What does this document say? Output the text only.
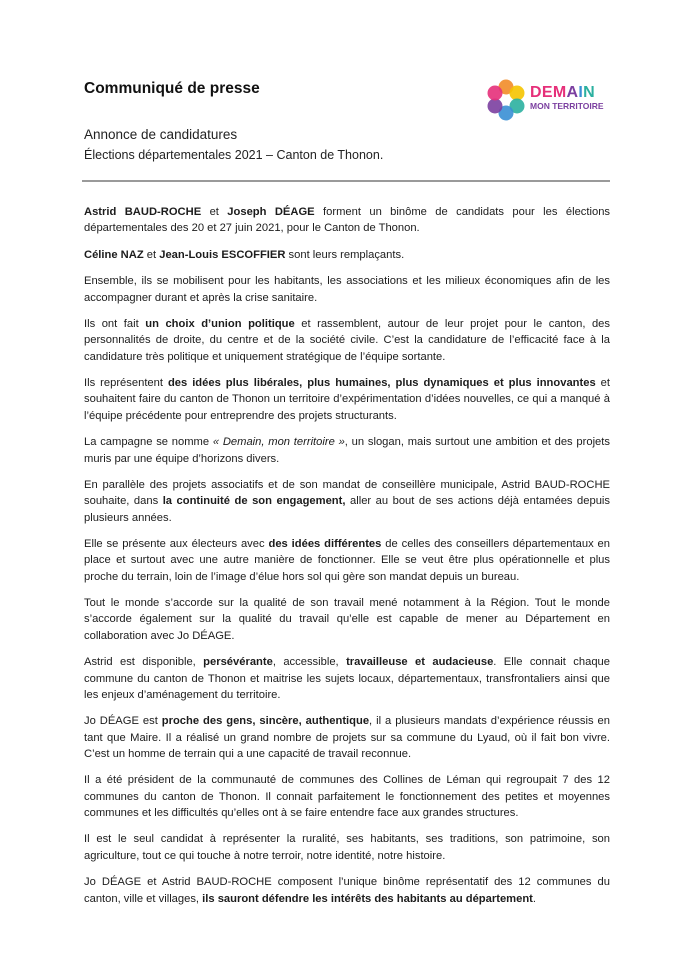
Communiqué de presse	DEMAIN
MON TERRITOIRE
Annonce de candidatures
Élections départementales 2021 – Canton de Thonon.

Astrid BAUD-ROCHE et Joseph DÉAGE forment un binôme de candidats pour les élections départementales des 20 et 27 juin 2021, pour le Canton de Thonon.

Céline NAZ et Jean-Louis ESCOFFIER sont leurs remplaçants.

Ensemble, ils se mobilisent pour les habitants, les associations et les milieux économiques afin de les accompagner durant et après la crise sanitaire.

Ils ont fait un choix d’union politique et rassemblent, autour de leur projet pour le canton, des personnalités de droite, du centre et de la société civile. C’est la candidature de l’efficacité face à la candidature très politique et uniquement stratégique de l’équipe sortante.

Ils représentent des idées plus libérales, plus humaines, plus dynamiques et plus innovantes et souhaitent faire du canton de Thonon un territoire d’expérimentation d’idées nouvelles, ce qui a manqué à l’équipe précédente pour entreprendre des projets structurants.

La campagne se nomme « Demain, mon territoire », un slogan, mais surtout une ambition et des projets muris par une équipe d’horizons divers.

En parallèle des projets associatifs et de son mandat de conseillère municipale, Astrid BAUD-ROCHE souhaite, dans la continuité de son engagement, aller au bout de ses actions déjà entamées depuis plusieurs années.

Elle se présente aux électeurs avec des idées différentes de celles des conseillers départementaux en place et surtout avec une autre manière de fonctionner. Elle se veut être plus opérationnelle et plus proche du terrain, loin de l’image d’élue hors sol qui gère son mandat depuis un bureau.

Tout le monde s’accorde sur la qualité de son travail mené notamment à la Région. Tout le monde s’accorde également sur la qualité du travail qu’elle est capable de mener au Département en collaboration avec Jo DÉAGE.

Astrid est disponible, persévérante, accessible, travailleuse et audacieuse. Elle connait chaque commune du canton de Thonon et maitrise les sujets locaux, départementaux, transfrontaliers ainsi que les enjeux d’aménagement du territoire.

Jo DÉAGE est proche des gens, sincère, authentique, il a plusieurs mandats d’expérience réussis en tant que Maire. Il a réalisé un grand nombre de projets sur sa commune du Lyaud, où il fait bon vivre. C’est un homme de terrain qui a une capacité de travail reconnue.

Il a été président de la communauté de communes des Collines de Léman qui regroupait 7 des 12 communes du canton de Thonon. Il connait parfaitement le fonctionnement des petites et moyennes communes et les difficultés qu’elles ont à se faire entendre face aux grandes structures.

Il est le seul candidat à représenter la ruralité, ses habitants, ses traditions, son patrimoine, son agriculture, tout ce qui touche à notre terroir, notre identité, notre histoire.

Jo DÉAGE et Astrid BAUD-ROCHE composent l’unique binôme représentatif des 12 communes du canton, ville et villages, ils sauront défendre les intérêts des habitants au département.
